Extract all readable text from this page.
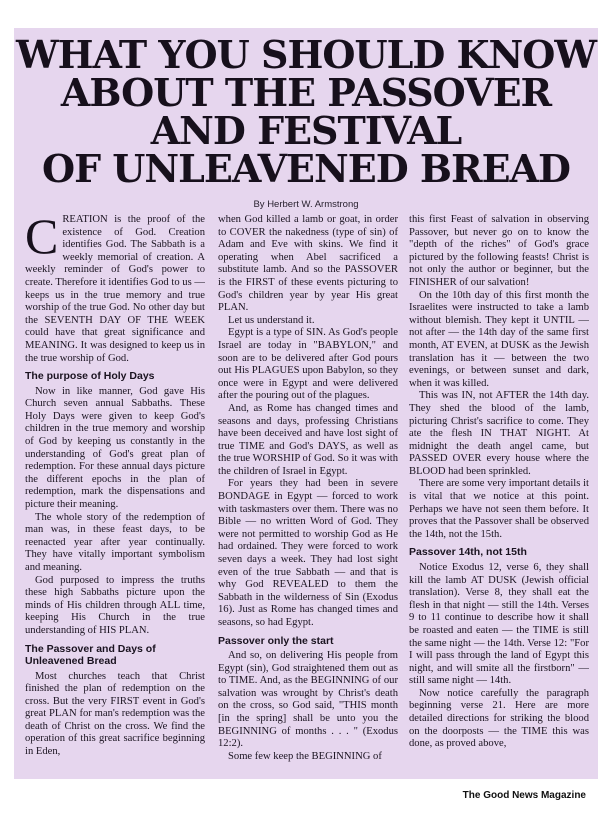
WHAT YOU SHOULD KNOW
ABOUT THE PASSOVER
AND FESTIVAL
OF UNLEAVENED BREAD
By Herbert W. Armstrong

CREATION is the proof of the existence of God. Creation identifies God. The Sabbath is a weekly memorial of creation. A weekly reminder of God's power to create. Therefore it identifies God to us — keeps us in the true memory and true worship of the true God. No other day but the SEVENTH DAY OF THE WEEK could have that great significance and MEANING. It was designed to keep us in the true worship of God.

The purpose of Holy Days

Now in like manner, God gave His Church seven annual Sabbaths. These Holy Days were given to keep God's children in the true memory and worship of God by keeping us constantly in the understanding of God's great plan of redemption. For these annual days picture the different epochs in the plan of redemption, mark the dispensations and picture their meaning.

The whole story of the redemption of man was, in these feast days, to be reenacted year after year continually. They have vitally important symbolism and meaning.

God purposed to impress the truths these high Sabbaths picture upon the minds of His children through ALL time, keeping His Church in the true understanding of HIS PLAN.

The Passover and Days of Unleavened Bread

Most churches teach that Christ finished the plan of redemption on the cross. But the very FIRST event in God's great PLAN for man's redemption was the death of Christ on the cross. We find the operation of this great sacrifice beginning in Eden,

when God killed a lamb or goat, in order to COVER the nakedness (type of sin) of Adam and Eve with skins. We find it operating when Abel sacrificed a substitute lamb. And so the PASSOVER is the FIRST of these events picturing to God's children year by year His great PLAN.

Let us understand it.

Egypt is a type of SIN. As God's people Israel are today in "BABYLON," and soon are to be delivered after God pours out His PLAGUES upon Babylon, so they once were in Egypt and were delivered after the pouring out of the plagues.

And, as Rome has changed times and seasons and days, professing Christians have been deceived and have lost sight of true TIME and God's DAYS, as well as the true WORSHIP of God. So it was with the children of Israel in Egypt.

For years they had been in severe BONDAGE in Egypt — forced to work with taskmasters over them. There was no Bible — no written Word of God. They were not permitted to worship God as He had ordained. They were forced to work seven days a week. They had lost sight even of the true Sabbath — and that is why God REVEALED to them the Sabbath in the wilderness of Sin (Exodus 16). Just as Rome has changed times and seasons, so had Egypt.

Passover only the start

And so, on delivering His people from Egypt (sin), God straightened them out as to TIME. And, as the BEGINNING of our salvation was wrought by Christ's death on the cross, so God said, "THIS month [in the spring] shall be unto you the BEGINNING of months . . . " (Exodus 12:2).

Some few keep the BEGINNING of

this first Feast of salvation in observing Passover, but never go on to know the "depth of the riches" of God's grace pictured by the following feasts! Christ is not only the author or beginner, but the FINISHER of our salvation!

On the 10th day of this first month the Israelites were instructed to take a lamb without blemish. They kept it UNTIL — not after — the 14th day of the same first month, AT EVEN, at DUSK as the Jewish translation has it — between the two evenings, or between sunset and dark, when it was killed.

This was IN, not AFTER the 14th day. They shed the blood of the lamb, picturing Christ's sacrifice to come. They ate the flesh IN THAT NIGHT. At midnight the death angel came, but PASSED OVER every house where the BLOOD had been sprinkled.

There are some very important details it is vital that we notice at this point. Perhaps we have not seen them before. It proves that the Passover shall be observed the 14th, not the 15th.

Passover 14th, not 15th

Notice Exodus 12, verse 6, they shall kill the lamb AT DUSK (Jewish official translation). Verse 8, they shall eat the flesh in that night — still the 14th. Verses 9 to 11 continue to describe how it shall be roasted and eaten — the TIME is still the same night — the 14th. Verse 12: "For I will pass through the land of Egypt this night, and will smite all the firstborn" — still same night — 14th.

Now notice carefully the paragraph beginning verse 21. Here are more detailed directions for striking the blood on the doorposts — the TIME this was done, as proved above,

The Good News Magazine
